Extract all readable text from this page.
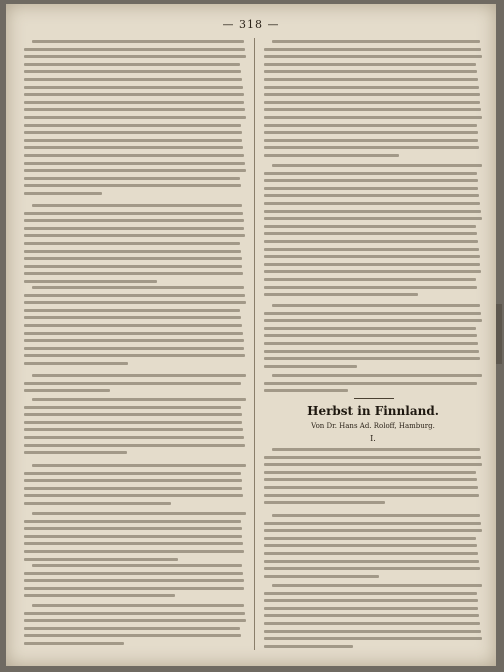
— 318 —
Herbst in Finnland.
Von Dr. Hans Ad. Roloff, Hamburg.
I.
